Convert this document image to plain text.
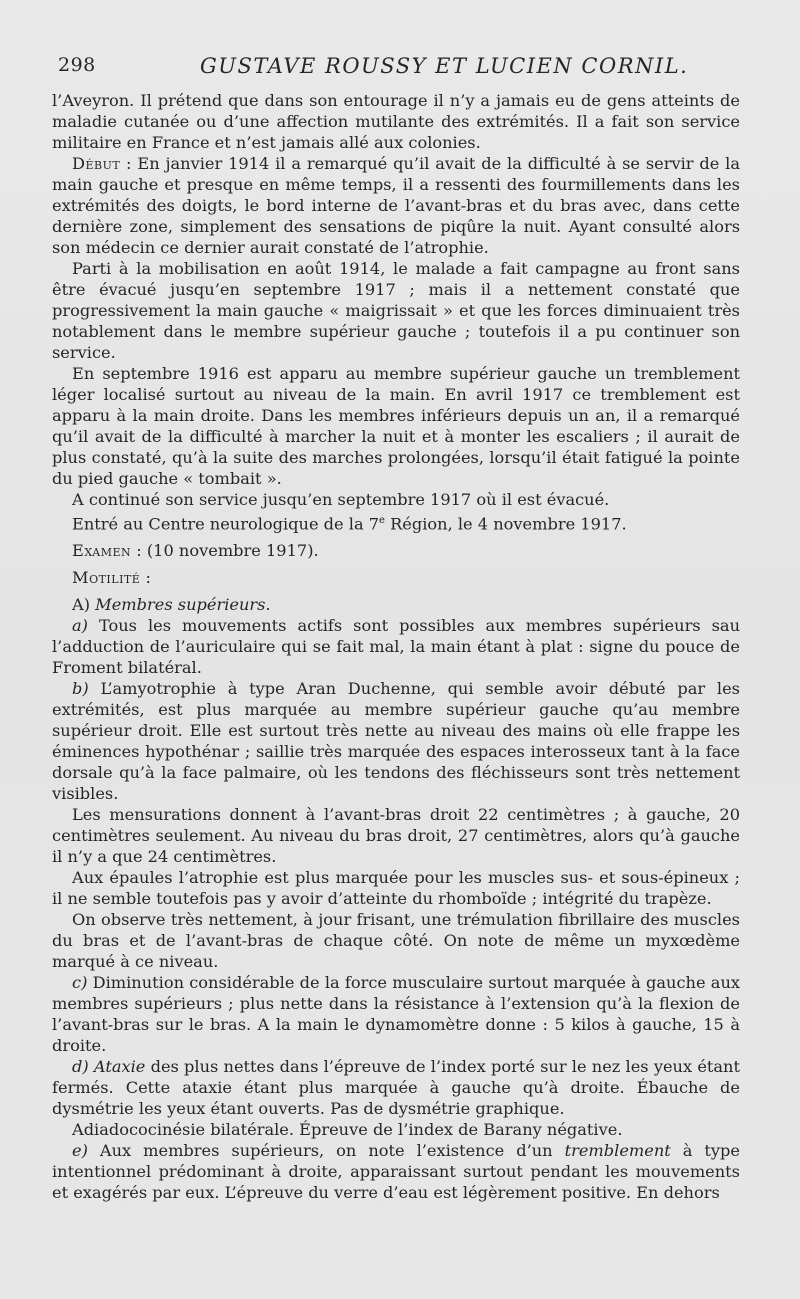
298	GUSTAVE ROUSSY ET LUCIEN CORNIL.

l’Aveyron. Il prétend que dans son entourage il n’y a jamais eu de gens atteints de maladie cutanée ou d’une affection mutilante des extrémités. Il a fait son service militaire en France et n’est jamais allé aux colonies.

Début : En janvier 1914 il a remarqué qu’il avait de la difficulté à se servir de la main gauche et presque en même temps, il a ressenti des fourmillements dans les extrémités des doigts, le bord interne de l’avant-bras et du bras avec, dans cette dernière zone, simplement des sensations de piqûre la nuit. Ayant consulté alors son médecin ce dernier aurait constaté de l’atrophie.

Parti à la mobilisation en août 1914, le malade a fait campagne au front sans être évacué jusqu’en septembre 1917 ; mais il a nettement constaté que progressivement la main gauche « maigrissait » et que les forces diminuaient très notablement dans le membre supérieur gauche ; toutefois il a pu continuer son service.

En septembre 1916 est apparu au membre supérieur gauche un tremblement léger localisé surtout au niveau de la main. En avril 1917 ce tremblement est apparu à la main droite. Dans les membres inférieurs depuis un an, il a remarqué qu’il avait de la difficulté à marcher la nuit et à monter les escaliers ; il aurait de plus constaté, qu’à la suite des marches prolongées, lorsqu’il était fatigué la pointe du pied gauche « tombait ».

A continué son service jusqu’en septembre 1917 où il est évacué.

Entré au Centre neurologique de la 7e Région, le 4 novembre 1917.

Examen : (10 novembre 1917).

Motilité :

A) Membres supérieurs.

a) Tous les mouvements actifs sont possibles aux membres supérieurs sau l’adduction de l’auriculaire qui se fait mal, la main étant à plat : signe du pouce de Froment bilatéral.

b) L’amyotrophie à type Aran Duchenne, qui semble avoir débuté par les extrémités, est plus marquée au membre supérieur gauche qu’au membre supérieur droit. Elle est surtout très nette au niveau des mains où elle frappe les éminences hypothénar ; saillie très marquée des espaces interosseux tant à la face dorsale qu’à la face palmaire, où les tendons des fléchisseurs sont très nettement visibles.

Les mensurations donnent à l’avant-bras droit 22 centimètres ; à gauche, 20 centimètres seulement. Au niveau du bras droit, 27 centimètres, alors qu’à gauche il n’y a que 24 centimètres.

Aux épaules l’atrophie est plus marquée pour les muscles sus- et sous-épineux ; il ne semble toutefois pas y avoir d’atteinte du rhomboïde ; intégrité du trapèze.

On observe très nettement, à jour frisant, une trémulation fibrillaire des muscles du bras et de l’avant-bras de chaque côté. On note de même un myxœdème marqué à ce niveau.

c) Diminution considérable de la force musculaire surtout marquée à gauche aux membres supérieurs ; plus nette dans la résistance à l’extension qu’à la flexion de l’avant-bras sur le bras. A la main le dynamomètre donne : 5 kilos à gauche, 15 à droite.

d) Ataxie des plus nettes dans l’épreuve de l’index porté sur le nez les yeux étant fermés. Cette ataxie étant plus marquée à gauche qu’à droite. Ébauche de dysmétrie les yeux étant ouverts. Pas de dysmétrie graphique.

Adiadococinésie bilatérale. Épreuve de l’index de Barany négative.

e) Aux membres supérieurs, on note l’existence d’un tremblement à type intentionnel prédominant à droite, apparaissant surtout pendant les mouvements et exagérés par eux. L’épreuve du verre d’eau est légèrement positive. En dehors
